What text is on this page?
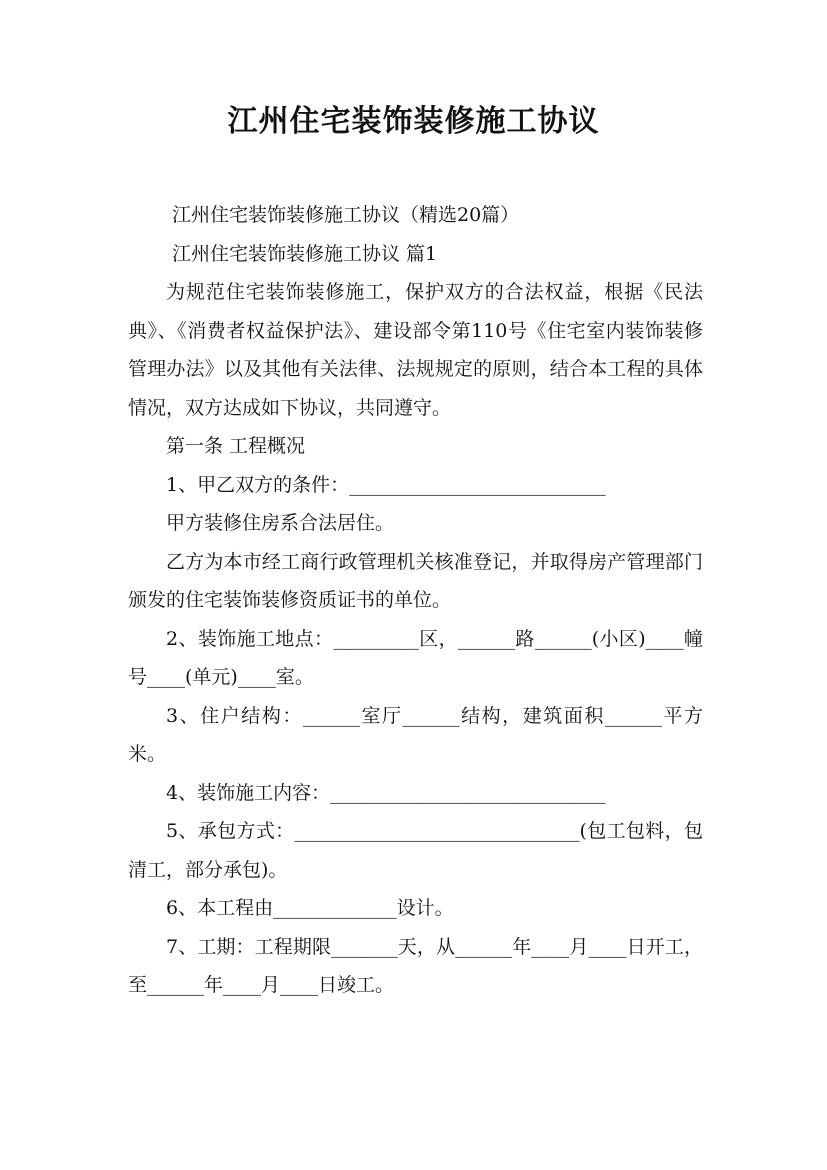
江州住宅装饰装修施工协议

江州住宅装饰装修施工协议（精选20篇）

江州住宅装饰装修施工协议 篇1

为规范住宅装饰装修施工，保护双方的合法权益，根据《民法典》、《消费者权益保护法》、建设部令第110号《住宅室内装饰装修管理办法》以及其他有关法律、法规规定的原则，结合本工程的具体情况，双方达成如下协议，共同遵守。

第一条 工程概况

1、甲乙双方的条件：___________________________

甲方装修住房系合法居住。

乙方为本市经工商行政管理机关核准登记，并取得房产管理部门颁发的住宅装饰装修资质证书的单位。

2、装饰施工地点：_________区，______路______(小区)____幢号____(单元)____室。

3、住户结构：______室厅______结构，建筑面积______平方米。

4、装饰施工内容：_____________________________

5、承包方式：______________________________(包工包料，包清工，部分承包)。

6、本工程由_____________设计。

7、工期：工程期限_______天，从______年____月____日开工，至______年____月____日竣工。
